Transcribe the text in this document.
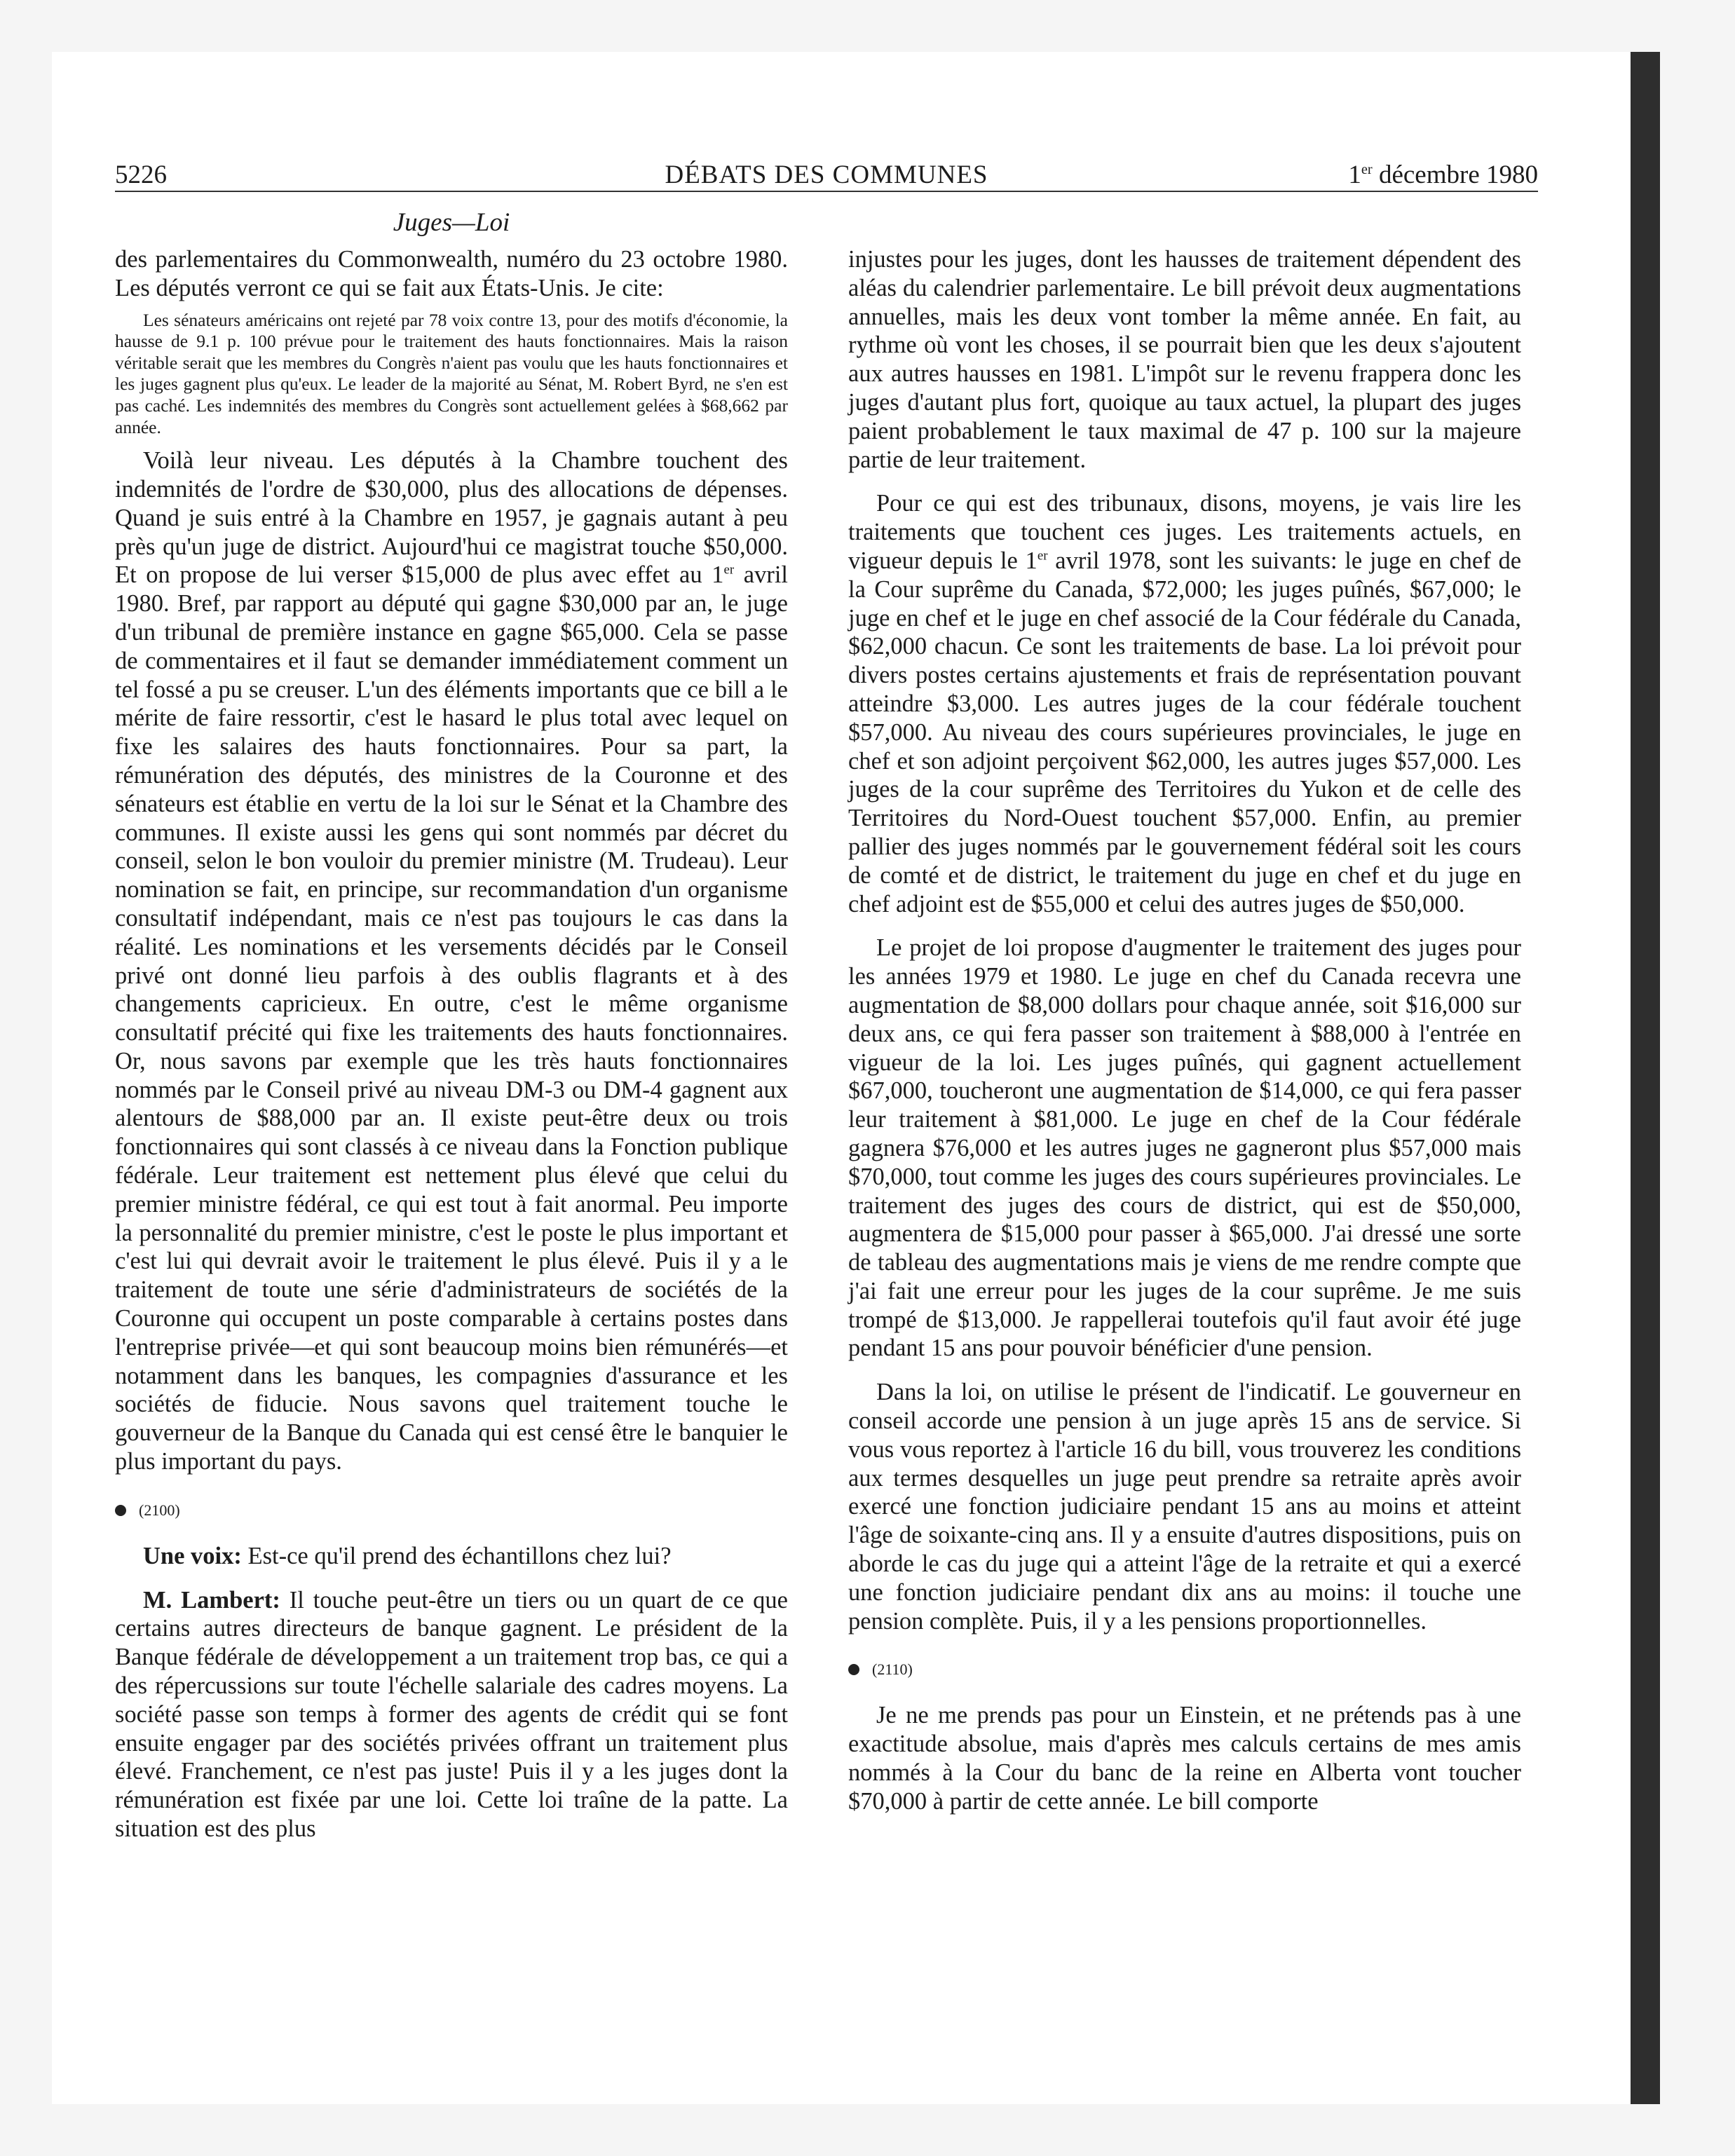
5226	DÉBATS DES COMMUNES	1er décembre 1980
Juges—Loi

des parlementaires du Commonwealth, numéro du 23 octobre 1980. Les députés verront ce qui se fait aux États-Unis. Je cite:

Les sénateurs américains ont rejeté par 78 voix contre 13, pour des motifs d'économie, la hausse de 9.1 p. 100 prévue pour le traitement des hauts fonctionnaires. Mais la raison véritable serait que les membres du Congrès n'aient pas voulu que les hauts fonctionnaires et les juges gagnent plus qu'eux. Le leader de la majorité au Sénat, M. Robert Byrd, ne s'en est pas caché. Les indemnités des membres du Congrès sont actuellement gelées à $68,662 par année.

Voilà leur niveau. Les députés à la Chambre touchent des indemnités de l'ordre de $30,000, plus des allocations de dépenses. Quand je suis entré à la Chambre en 1957, je gagnais autant à peu près qu'un juge de district. Aujourd'hui ce magistrat touche $50,000. Et on propose de lui verser $15,000 de plus avec effet au 1er avril 1980. Bref, par rapport au député qui gagne $30,000 par an, le juge d'un tribunal de première instance en gagne $65,000. Cela se passe de commentaires et il faut se demander immédiatement comment un tel fossé a pu se creuser. L'un des éléments importants que ce bill a le mérite de faire ressortir, c'est le hasard le plus total avec lequel on fixe les salaires des hauts fonctionnaires. Pour sa part, la rémunération des députés, des ministres de la Couronne et des sénateurs est établie en vertu de la loi sur le Sénat et la Chambre des communes. Il existe aussi les gens qui sont nommés par décret du conseil, selon le bon vouloir du premier ministre (M. Trudeau). Leur nomination se fait, en principe, sur recommandation d'un organisme consultatif indépendant, mais ce n'est pas toujours le cas dans la réalité. Les nominations et les versements décidés par le Conseil privé ont donné lieu parfois à des oublis flagrants et à des changements capricieux. En outre, c'est le même organisme consultatif précité qui fixe les traitements des hauts fonctionnaires. Or, nous savons par exemple que les très hauts fonctionnaires nommés par le Conseil privé au niveau DM-3 ou DM-4 gagnent aux alentours de $88,000 par an. Il existe peut-être deux ou trois fonctionnaires qui sont classés à ce niveau dans la Fonction publique fédérale. Leur traitement est nettement plus élevé que celui du premier ministre fédéral, ce qui est tout à fait anormal. Peu importe la personnalité du premier ministre, c'est le poste le plus important et c'est lui qui devrait avoir le traitement le plus élevé. Puis il y a le traitement de toute une série d'administrateurs de sociétés de la Couronne qui occupent un poste comparable à certains postes dans l'entreprise privée—et qui sont beaucoup moins bien rémunérés—et notamment dans les banques, les compagnies d'assurance et les sociétés de fiducie. Nous savons quel traitement touche le gouverneur de la Banque du Canada qui est censé être le banquier le plus important du pays.

(2100)

Une voix: Est-ce qu'il prend des échantillons chez lui?

M. Lambert: Il touche peut-être un tiers ou un quart de ce que certains autres directeurs de banque gagnent. Le président de la Banque fédérale de développement a un traitement trop bas, ce qui a des répercussions sur toute l'échelle salariale des cadres moyens. La société passe son temps à former des agents de crédit qui se font ensuite engager par des sociétés privées offrant un traitement plus élevé. Franchement, ce n'est pas juste! Puis il y a les juges dont la rémunération est fixée par une loi. Cette loi traîne de la patte. La situation est des plus

injustes pour les juges, dont les hausses de traitement dépendent des aléas du calendrier parlementaire. Le bill prévoit deux augmentations annuelles, mais les deux vont tomber la même année. En fait, au rythme où vont les choses, il se pourrait bien que les deux s'ajoutent aux autres hausses en 1981. L'impôt sur le revenu frappera donc les juges d'autant plus fort, quoique au taux actuel, la plupart des juges paient probablement le taux maximal de 47 p. 100 sur la majeure partie de leur traitement.

Pour ce qui est des tribunaux, disons, moyens, je vais lire les traitements que touchent ces juges. Les traitements actuels, en vigueur depuis le 1er avril 1978, sont les suivants: le juge en chef de la Cour suprême du Canada, $72,000; les juges puînés, $67,000; le juge en chef et le juge en chef associé de la Cour fédérale du Canada, $62,000 chacun. Ce sont les traitements de base. La loi prévoit pour divers postes certains ajustements et frais de représentation pouvant atteindre $3,000. Les autres juges de la cour fédérale touchent $57,000. Au niveau des cours supérieures provinciales, le juge en chef et son adjoint perçoivent $62,000, les autres juges $57,000. Les juges de la cour suprême des Territoires du Yukon et de celle des Territoires du Nord-Ouest touchent $57,000. Enfin, au premier pallier des juges nommés par le gouvernement fédéral soit les cours de comté et de district, le traitement du juge en chef et du juge en chef adjoint est de $55,000 et celui des autres juges de $50,000.

Le projet de loi propose d'augmenter le traitement des juges pour les années 1979 et 1980. Le juge en chef du Canada recevra une augmentation de $8,000 dollars pour chaque année, soit $16,000 sur deux ans, ce qui fera passer son traitement à $88,000 à l'entrée en vigueur de la loi. Les juges puînés, qui gagnent actuellement $67,000, toucheront une augmentation de $14,000, ce qui fera passer leur traitement à $81,000. Le juge en chef de la Cour fédérale gagnera $76,000 et les autres juges ne gagneront plus $57,000 mais $70,000, tout comme les juges des cours supérieures provinciales. Le traitement des juges des cours de district, qui est de $50,000, augmentera de $15,000 pour passer à $65,000. J'ai dressé une sorte de tableau des augmentations mais je viens de me rendre compte que j'ai fait une erreur pour les juges de la cour suprême. Je me suis trompé de $13,000. Je rappellerai toutefois qu'il faut avoir été juge pendant 15 ans pour pouvoir bénéficier d'une pension.

Dans la loi, on utilise le présent de l'indicatif. Le gouverneur en conseil accorde une pension à un juge après 15 ans de service. Si vous vous reportez à l'article 16 du bill, vous trouverez les conditions aux termes desquelles un juge peut prendre sa retraite après avoir exercé une fonction judiciaire pendant 15 ans au moins et atteint l'âge de soixante-cinq ans. Il y a ensuite d'autres dispositions, puis on aborde le cas du juge qui a atteint l'âge de la retraite et qui a exercé une fonction judiciaire pendant dix ans au moins: il touche une pension complète. Puis, il y a les pensions proportionnelles.

(2110)

Je ne me prends pas pour un Einstein, et ne prétends pas à une exactitude absolue, mais d'après mes calculs certains de mes amis nommés à la Cour du banc de la reine en Alberta vont toucher $70,000 à partir de cette année. Le bill comporte
